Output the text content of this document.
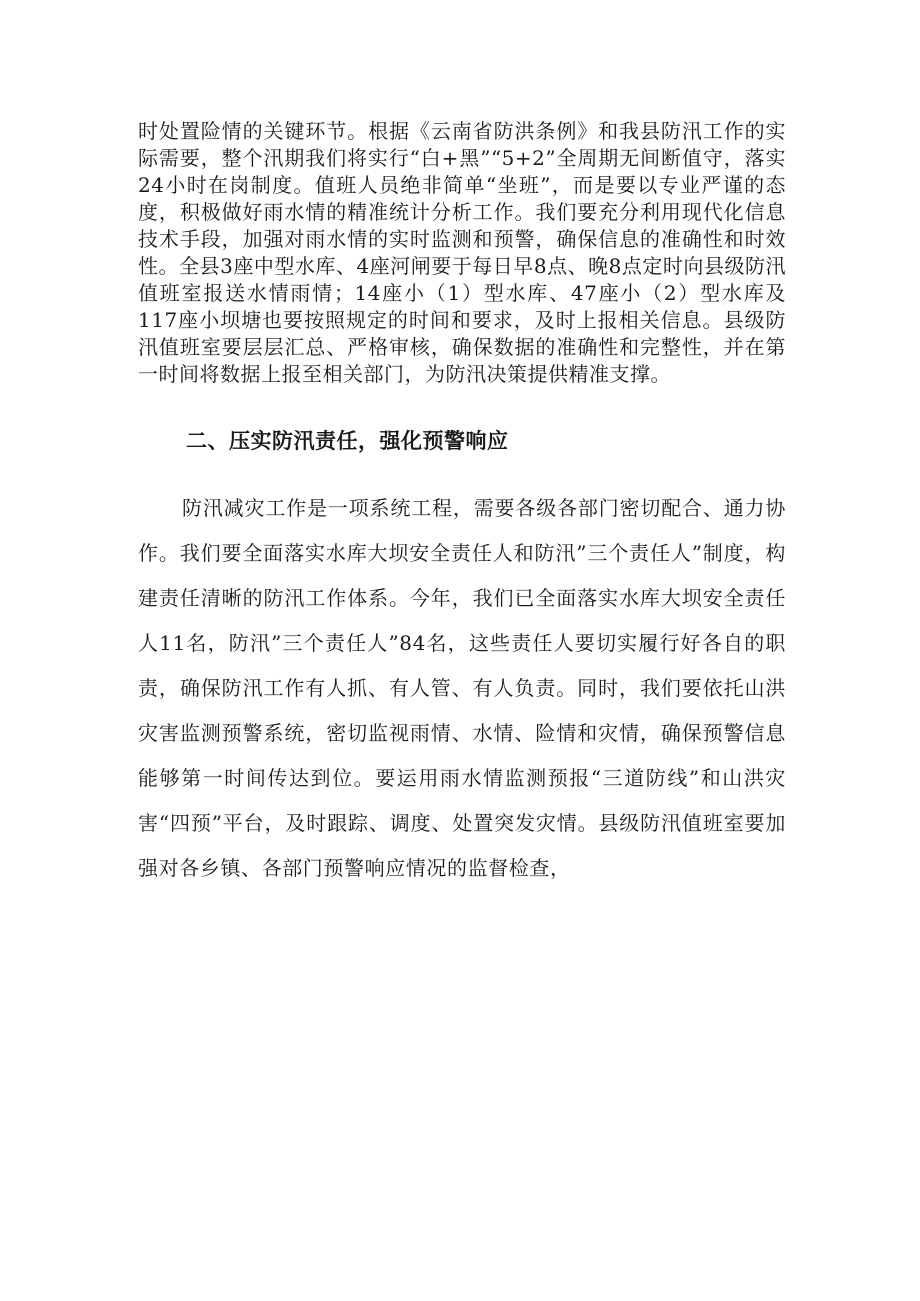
时处置险情的关键环节。根据《云南省防洪条例》和我县防汛工作的实际需要，整个汛期我们将实行“白+黑”“5+2”全周期无间断值守，落实24小时在岗制度。值班人员绝非简单“坐班”，而是要以专业严谨的态度，积极做好雨水情的精准统计分析工作。我们要充分利用现代化信息技术手段，加强对雨水情的实时监测和预警，确保信息的准确性和时效性。全县3座中型水库、4座河闸要于每日早8点、晚8点定时向县级防汛值班室报送水情雨情；14座小（1）型水库、47座小（2）型水库及117座小坝塘也要按照规定的时间和要求，及时上报相关信息。县级防汛值班室要层层汇总、严格审核，确保数据的准确性和完整性，并在第一时间将数据上报至相关部门，为防汛决策提供精准支撑。

二、压实防汛责任，强化预警响应

防汛减灾工作是一项系统工程，需要各级各部门密切配合、通力协作。我们要全面落实水库大坝安全责任人和防汛”三个责任人”制度，构建责任清晰的防汛工作体系。今年，我们已全面落实水库大坝安全责任人11名，防汛”三个责任人”84名，这些责任人要切实履行好各自的职责，确保防汛工作有人抓、有人管、有人负责。同时，我们要依托山洪灾害监测预警系统，密切监视雨情、水情、险情和灾情，确保预警信息能够第一时间传达到位。要运用雨水情监测预报“三道防线”和山洪灾害“四预”平台，及时跟踪、调度、处置突发灾情。县级防汛值班室要加强对各乡镇、各部门预警响应情况的监督检查，
